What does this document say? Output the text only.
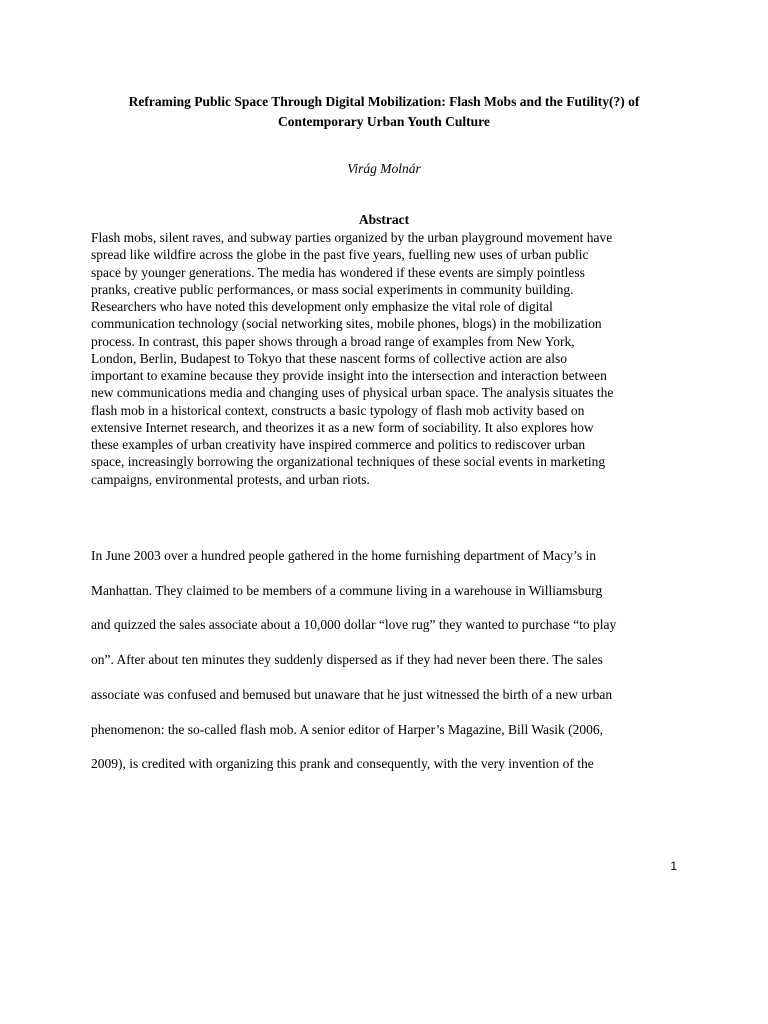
Reframing Public Space Through Digital Mobilization: Flash Mobs and the Futility(?) of
Contemporary Urban Youth Culture

Virág Molnár

Abstract
Flash mobs, silent raves, and subway parties organized by the urban playground movement have
spread like wildfire across the globe in the past five years, fuelling new uses of urban public
space by younger generations. The media has wondered if these events are simply pointless
pranks, creative public performances, or mass social experiments in community building.
Researchers who have noted this development only emphasize the vital role of digital
communication technology (social networking sites, mobile phones, blogs) in the mobilization
process. In contrast, this paper shows through a broad range of examples from New York,
London, Berlin, Budapest to Tokyo that these nascent forms of collective action are also
important to examine because they provide insight into the intersection and interaction between
new communications media and changing uses of physical urban space. The analysis situates the
flash mob in a historical context, constructs a basic typology of flash mob activity based on
extensive Internet research, and theorizes it as a new form of sociability. It also explores how
these examples of urban creativity have inspired commerce and politics to rediscover urban
space, increasingly borrowing the organizational techniques of these social events in marketing
campaigns, environmental protests, and urban riots.
In June 2003 over a hundred people gathered in the home furnishing department of Macy’s in
Manhattan. They claimed to be members of a commune living in a warehouse in Williamsburg
and quizzed the sales associate about a 10,000 dollar “love rug” they wanted to purchase “to play
on”. After about ten minutes they suddenly dispersed as if they had never been there. The sales
associate was confused and bemused but unaware that he just witnessed the birth of a new urban
phenomenon: the so-called flash mob. A senior editor of Harper’s Magazine, Bill Wasik (2006,
2009), is credited with organizing this prank and consequently, with the very invention of the
1
